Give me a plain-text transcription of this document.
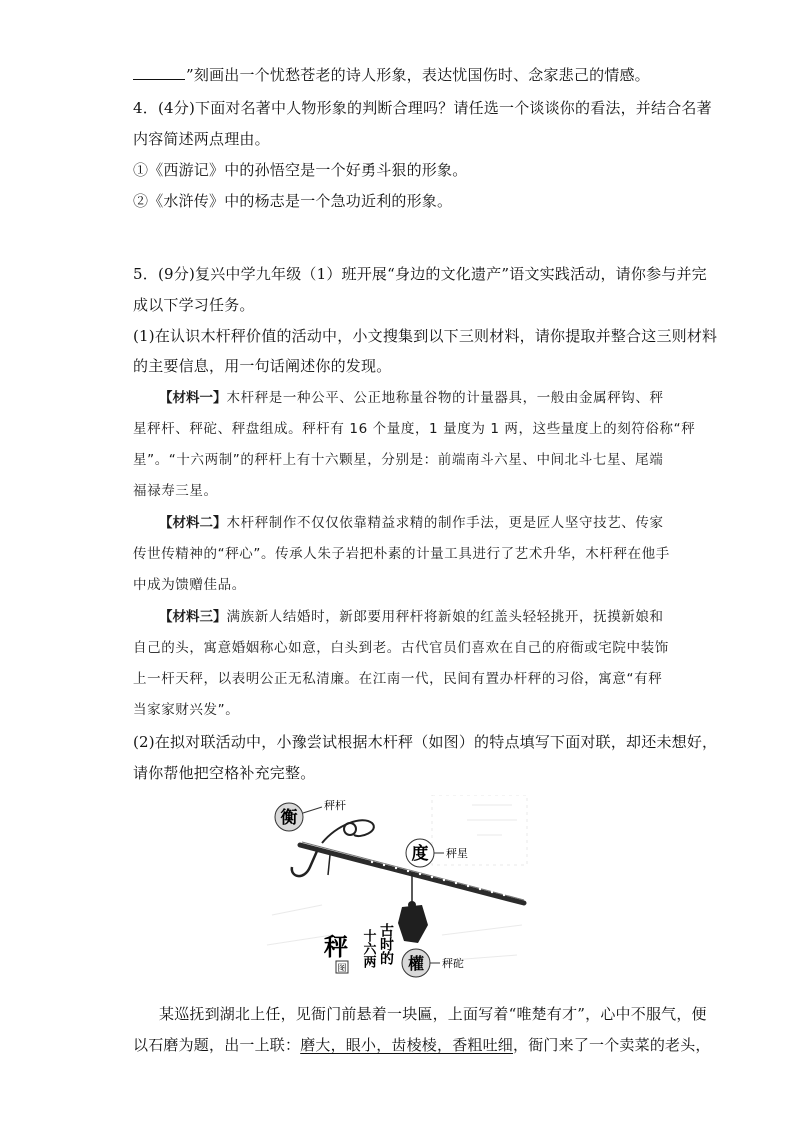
”刻画出一个忧愁苍老的诗人形象，表达忧国伤时、念家悲己的情感。
4．(4分)下面对名著中人物形象的判断合理吗？请任选一个谈谈你的看法，并结合名著
内容简述两点理由。
①《西游记》中的孙悟空是一个好勇斗狠的形象。
②《水浒传》中的杨志是一个急功近利的形象。
5．(9分)复兴中学九年级（1）班开展“身边的文化遗产”语文实践活动，请你参与并完
成以下学习任务。
(1)在认识木杆秤价值的活动中，小文搜集到以下三则材料，请你提取并整合这三则材料
的主要信息，用一句话阐述你的发现。
【材料一】木杆秤是一种公平、公正地称量谷物的计量器具，一般由金属秤钩、秤
星秤杆、秤砣、秤盘组成。秤杆有 16 个量度，1 量度为 1 两，这些量度上的刻符俗称“秤
星”。“十六两制”的秤杆上有十六颗星，分别是：前端南斗六星、中间北斗七星、尾端
福禄寿三星。
【材料二】木杆秤制作不仅仅依靠精益求精的制作手法，更是匠人坚守技艺、传家
传世传精神的“秤心”。传承人朱子岩把朴素的计量工具进行了艺术升华，木杆秤在他手
中成为馈赠佳品。
【材料三】满族新人结婚时，新郎要用秤杆将新娘的红盖头轻轻挑开，抚摸新娘和
自己的头，寓意婚姻称心如意，白头到老。古代官员们喜欢在自己的府衙或宅院中装饰
上一杆天秤，以表明公正无私清廉。在江南一代，民间有置办杆秤的习俗，寓意“有秤
当家家财兴发”。
(2)在拟对联活动中，小豫尝试根据木杆秤（如图）的特点填写下面对联，却还未想好，
请你帮他把空格补充完整。
衡
秤杆
度 秤星
權 秤砣
秤
图
古时的
十六两
某巡抚到湖北上任，见衙门前悬着一块匾，上面写着“唯楚有才”，心中不服气，便
以石磨为题，出一上联：磨大，眼小，齿棱棱，香粗吐细，衙门来了一个卖菜的老头，
